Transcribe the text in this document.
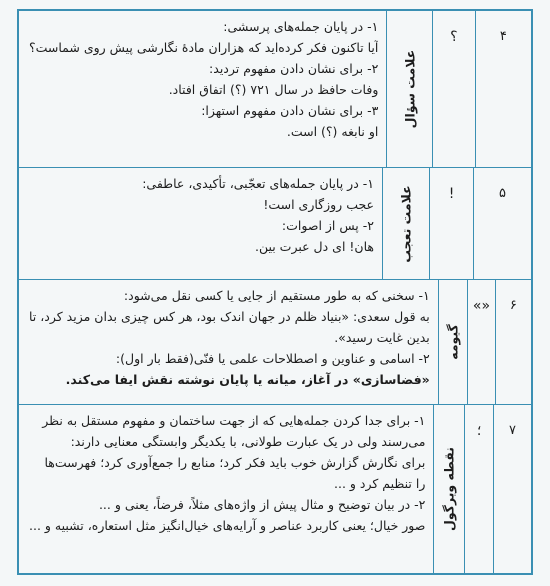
۴
؟
علامت سؤال
۱- در پایان جمله‌های پرسشی:
آیا تاکنون فکر کرده‌اید که هزاران مادهٔ نگارشی پیش روی شماست؟
۲- برای نشان دادن مفهوم تردید:
وفات حافظ در سال ۷۲۱ (؟) اتفاق افتاد.
۳- برای نشان دادن مفهوم استهزا:
او نابغه (؟) است.
۵
!
علامت تعجب
۱- در پایان جمله‌های تعجّبی، تأکیدی، عاطفی:
عجب روزگاری است!
۲- پس از اصوات:
هان! ای دل عبرت بین.
۶
«»
گیومه
۱- سخنی که به طور مستقیم از جایی یا کسی نقل می‌شود:
به قول سعدی: «بنیاد ظلم در جهان اندک بود، هر کس چیزی بدان مزید کرد، تا
بدین غایت رسید».
۲- اسامی و عناوین و اصطلاحات علمی یا فنّی(فقط بار اول):
«فضاسازی» در آغاز، میانه یا پایان نوشته نقش ایفا می‌کند.
۷
؛
نقطه ویرگول
۱- برای جدا کردن جمله‌هایی که از جهت ساختمان و مفهوم مستقل به نظر
می‌رسند ولی در یک عبارت طولانی، با یکدیگر وابستگی معنایی دارند:
برای نگارش گزارش خوب باید فکر کرد؛ منابع را جمع‌آوری کرد؛ فهرست‌ها
را تنظیم کرد و ...
۲- در بیان توضیح و مثال پیش از واژه‌های مثلاً، فرضاً، یعنی و ...
صور خیال؛ یعنی کاربرد عناصر و آرایه‌های خیال‌انگیز مثل استعاره، تشبیه و ...
